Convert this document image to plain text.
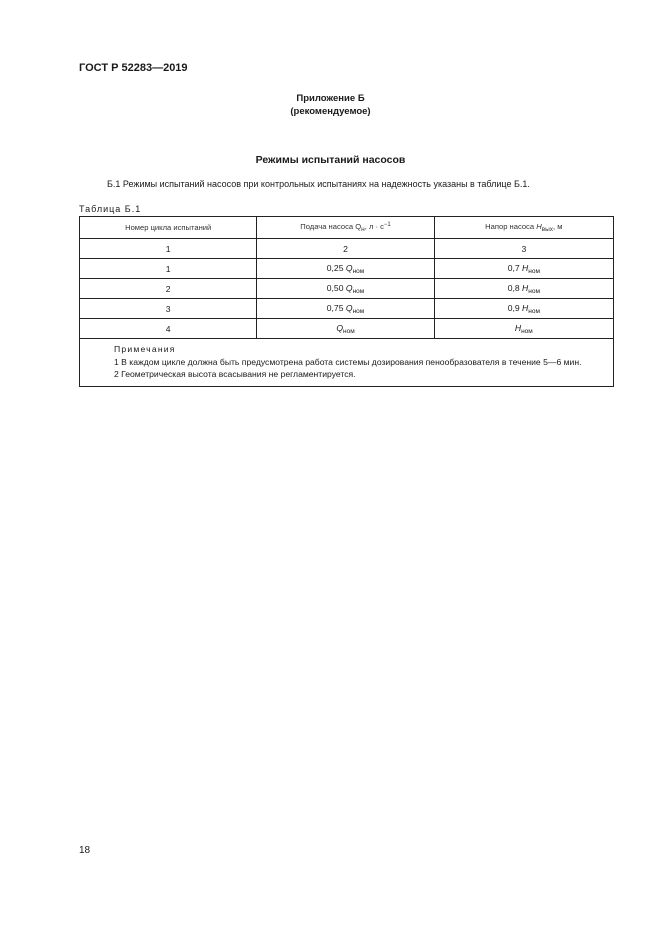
ГОСТ Р 52283—2019
Приложение Б
(рекомендуемое)
Режимы испытаний насосов
Б.1 Режимы испытаний насосов при контрольных испытаниях на надежность указаны в таблице Б.1.
Таблица Б.1
Номер цикла испытаний	Подача насоса $Q_н$, $л \cdot с^{-1}$	Напор насоса $H_{вых}$, м
1	2	3
1	0,25 $Q_{ном}$	0,7 $H_{ном}$
2	0,50 $Q_{ном}$	0,8 $H_{ном}$
3	0,75 $Q_{ном}$	0,9 $H_{ном}$
4	$Q_{ном}$	$H_{ном}$

Примечания
1 В каждом цикле должна быть предусмотрена работа системы дозирования пенообразователя в течение 5—6 мин.
2 Геометрическая высота всасывания не регламентируется.		
18
